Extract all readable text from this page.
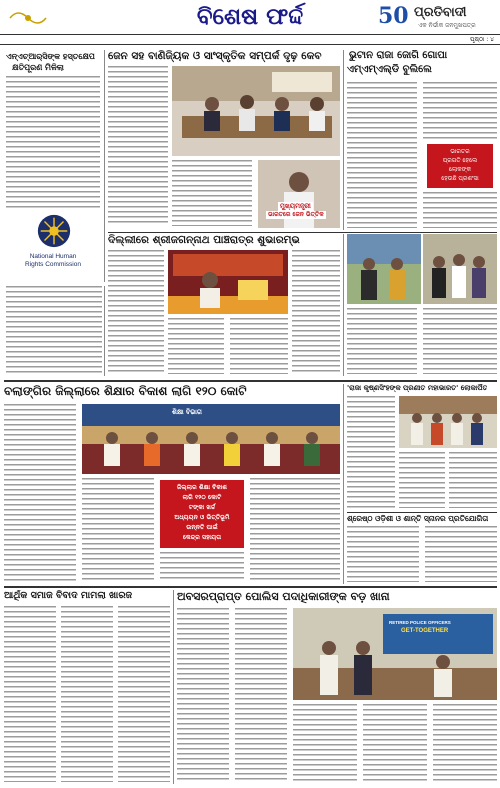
ବିଶେଷ ଫର୍ଦ୍ଦ	50 ପ୍ରତିବାଦୀ
ଏକ ନିର୍ଭୀକ ଜନମୁଖପତ୍ର
ପୃଷ୍ଠା : ୪
ଏନ୍‌ଏଚ୍‌ଆର୍‌ସିଙ୍କ ହସ୍ତକ୍ଷେପ
କ୍ଷତିପୂରଣ ମିଳିଲା
National Human
Rights Commission
ଜେନ ସହ ବାଣିଜ୍ୟିକ ଓ ସାଂସ୍କୃତିକ ସମ୍ପର୍କ ଦୃଢ଼ କେବ
ମୁଖ୍ୟମନ୍ତ୍ରୀ
ଭାରତରେ ଜେନ ଭିତ୍ତିକ
ଭୁଟାନ ରାଜା ଜୋଗି ଗୋପା
ଏମ୍‌ଏମ୍‌ଏଲ୍‌ଡି ବୁଲିଲେ
ଭାରତର
ପ୍ରଗତି ହେଲେ
ଲୋକଙ୍କ
ହେଉଛି ପ୍ରଶଂସା
ଦିଲ୍ଲୀରେ ଶ୍ରୀଜଗନ୍ନାଥ ପାଞ୍ଚରାତ୍ର ଶୁଭାରମ୍ଭ
ବଲାଙ୍ଗିର ଜିଲ୍ଲାରେ ଶିକ୍ଷାର ବିକାଶ ଲାଗି ୧୨୦ କୋଟି
ଶିକ୍ଷା ବିଭାଗ
ଜିଲ୍ଲାର ଶିକ୍ଷା ବିକାଶ
ଲାଗି ୧୨୦ କୋଟି
ଟଙ୍କା ଖର୍ଚ୍ଚ
ଅଧ୍ୟୟନ ଓ ଭିତ୍ତିଭୂମି
ଉନ୍ନତି ପାଇଁ
କେନ୍ଦ୍ର ସହାୟତା
'ରାଜା କୃଷ୍ଣସିଂହଙ୍କ ପ୍ରଣୀତ ମହାଭାରତ' ଲୋକାର୍ପିତ
ଶ୍ରେଷ୍ଠ ଓଡ଼ିଶୀ ଓ ଶାନ୍ତି ସ୍ନାନର ପ୍ରତିଯୋଗିତା
ଆର୍ଥିକ ସମାଜ ବିବାଦ ମାମଲା ଖାରଜ	ଅବସରପ୍ରାପ୍ତ ପୋଲିସ ପଦାଧିକାରୀଙ୍କ ବଡ଼ ଖାନା
RETIRED POLICE OFFICERS
GET-TOGETHER
